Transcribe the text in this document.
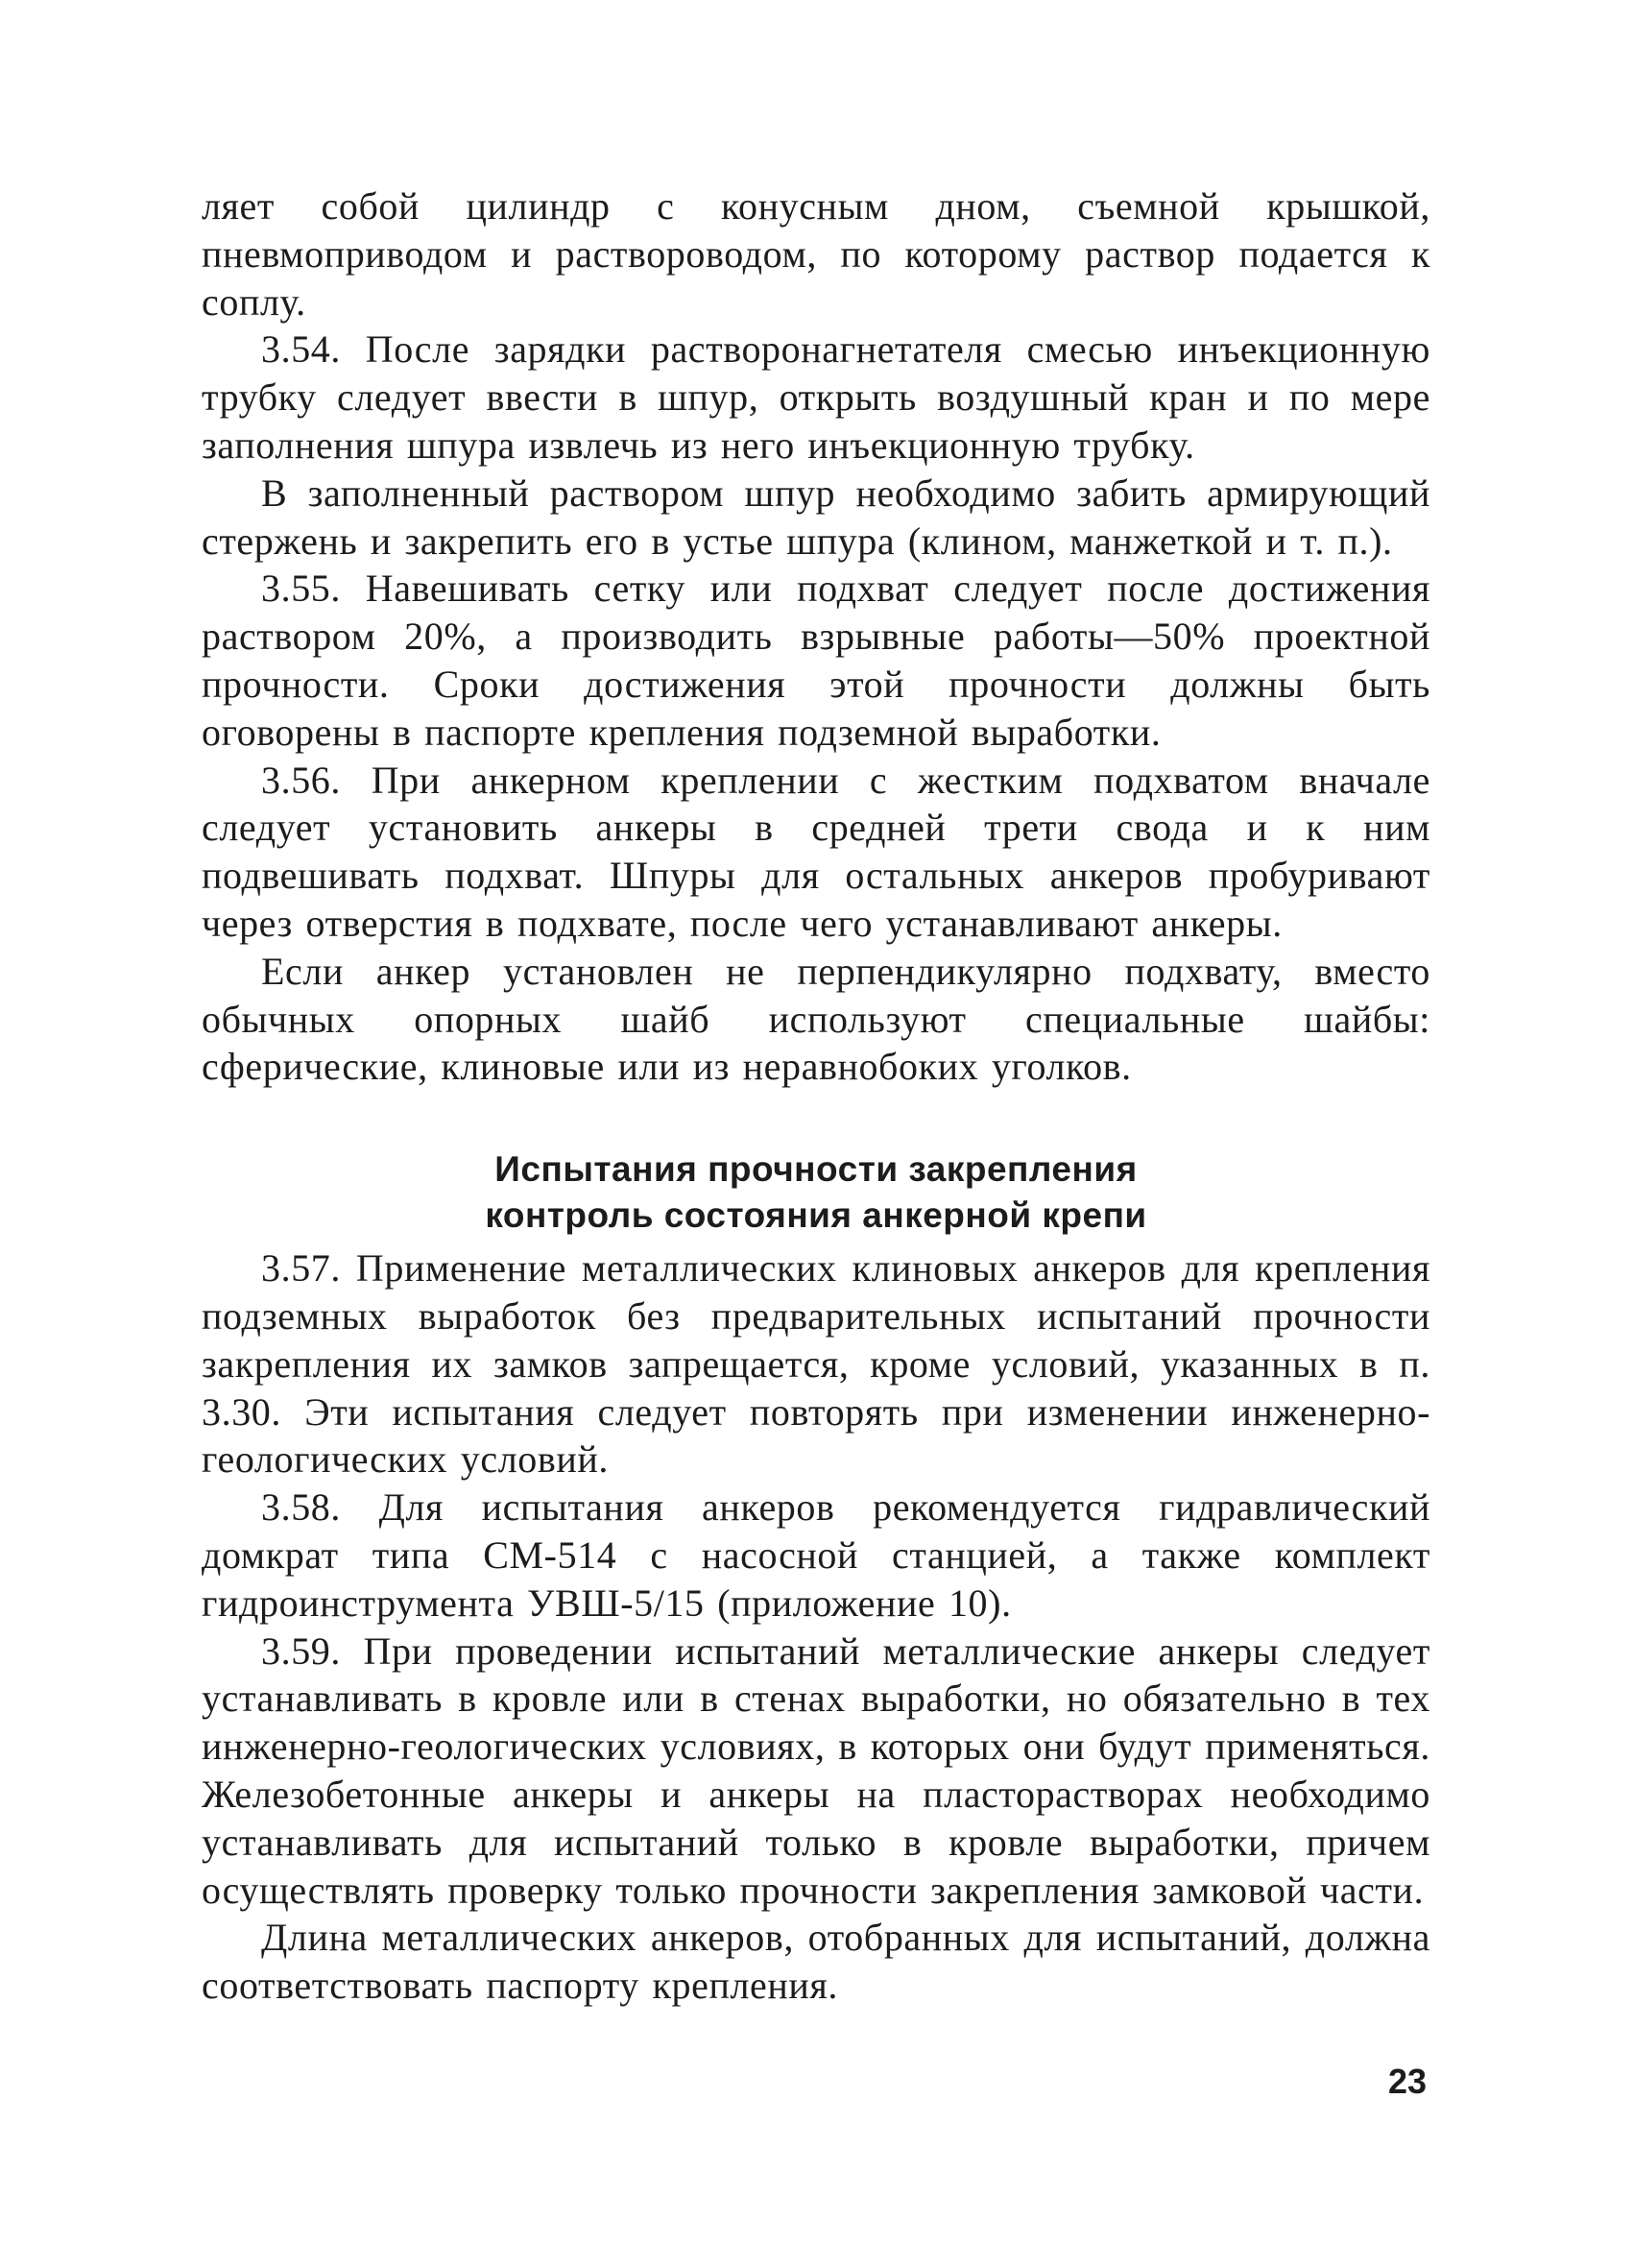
ляет собой цилиндр с конусным дном, съемной крышкой, пневмоприводом и раствороводом, по которому раствор подается к соплу.

3.54. После зарядки растворонагнетателя смесью инъекционную трубку следует ввести в шпур, открыть воздушный кран и по мере заполнения шпура извлечь из него инъекционную трубку.

В заполненный раствором шпур необходимо забить армирующий стержень и закрепить его в устье шпура (клином, манжеткой и т. п.).

3.55. Навешивать сетку или подхват следует после достижения раствором 20%, а производить взрывные работы—50% проектной прочности. Сроки достижения этой прочности должны быть оговорены в паспорте крепления подземной выработки.

3.56. При анкерном креплении с жестким подхватом вначале следует установить анкеры в средней трети свода и к ним подвешивать подхват. Шпуры для остальных анкеров пробуривают через отверстия в подхвате, после чего устанавливают анкеры.

Если анкер установлен не перпендикулярно подхвату, вместо обычных опорных шайб используют специальные шайбы: сферические, клиновые или из неравнобоких уголков.

Испытания прочности закрепления

контроль состояния анкерной крепи

3.57. Применение металлических клиновых анкеров для крепления подземных выработок без предварительных испытаний прочности закрепления их замков запрещается, кроме условий, указанных в п. 3.30. Эти испытания следует повторять при изменении инженерно-геологических условий.

3.58. Для испытания анкеров рекомендуется гидравлический домкрат типа СМ-514 с насосной станцией, а также комплект гидроинструмента УВШ-5/15 (приложение 10).

3.59. При проведении испытаний металлические анкеры следует устанавливать в кровле или в стенах выработки, но обязательно в тех инженерно-геологических условиях, в которых они будут применяться. Железобетонные анкеры и анкеры на пласторастворах необходимо устанавливать для испытаний только в кровле выработки, причем осуществлять проверку только прочности закрепления замковой части.

Длина металлических анкеров, отобранных для испытаний, должна соответствовать паспорту крепления.

23
